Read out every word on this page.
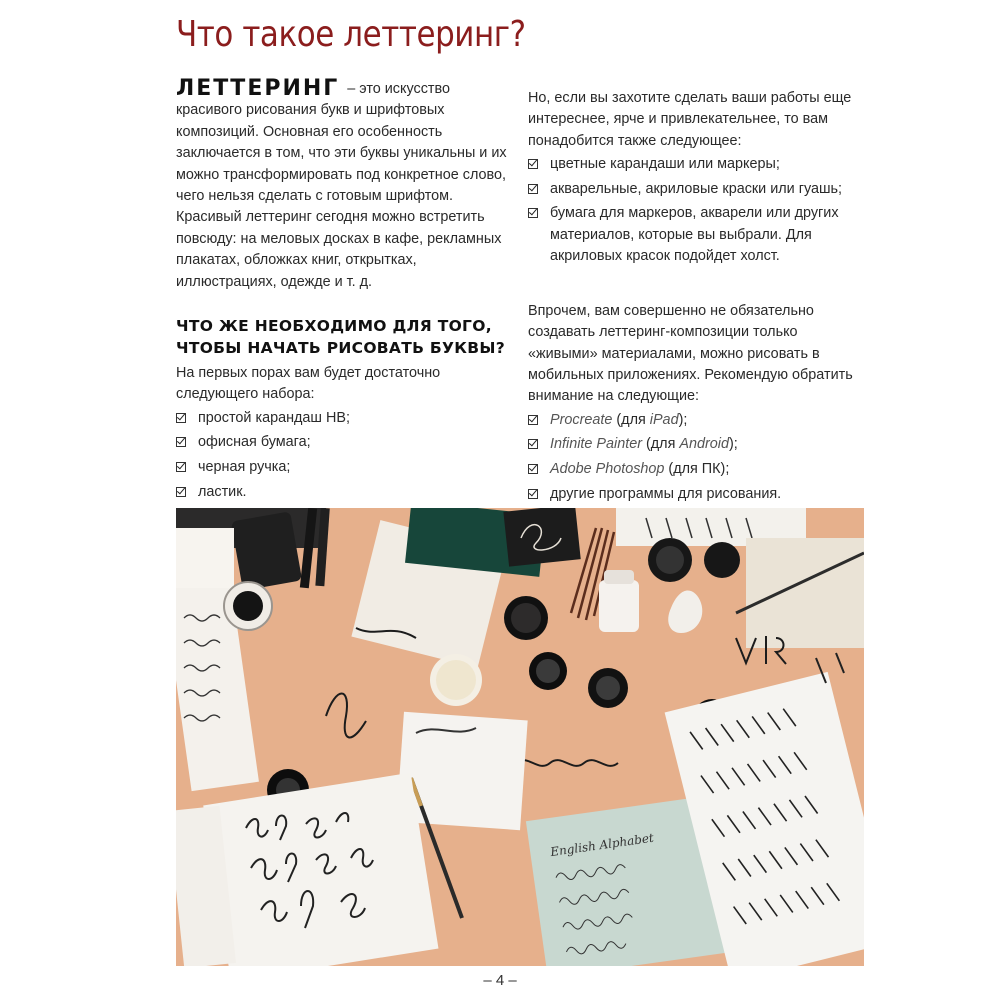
Что такое леттеринг?

ЛЕТТЕРИНГ – это искусство красивого рисования букв и шрифтовых композиций. Основная его особенность заключается в том, что эти буквы уникальны и их можно трансформировать под конкретное слово, чего нельзя сделать с готовым шрифтом. Красивый леттеринг сегодня можно встретить повсюду: на меловых досках в кафе, рекламных плакатах, обложках книг, открытках, иллюстрациях, одежде и т. д.

ЧТО ЖЕ НЕОБХОДИМО ДЛЯ ТОГО,
ЧТОБЫ НАЧАТЬ РИСОВАТЬ БУКВЫ?

На первых порах вам будет достаточно следующего набора:

простой карандаш HB;
офисная бумага;
черная ручка;
ластик.

Но, если вы захотите сделать ваши работы еще интереснее, ярче и привлекательнее, то вам понадобится также следующее:

цветные карандаши или маркеры;
акварельные, акриловые краски или гуашь;
бумага для маркеров, акварели или других материалов, которые вы выбрали. Для акриловых красок подойдет холст.

Впрочем, вам совершенно не обязательно создавать леттеринг-композиции только «живыми» материалами, можно рисовать в мобильных приложениях. Рекомендую обратить внимание на следующие:

Procreate (для iPad);
Infinite Painter (для Android);
Adobe Photoshop (для ПК);
другие программы для рисования.
English Alphabet
– 4 –
